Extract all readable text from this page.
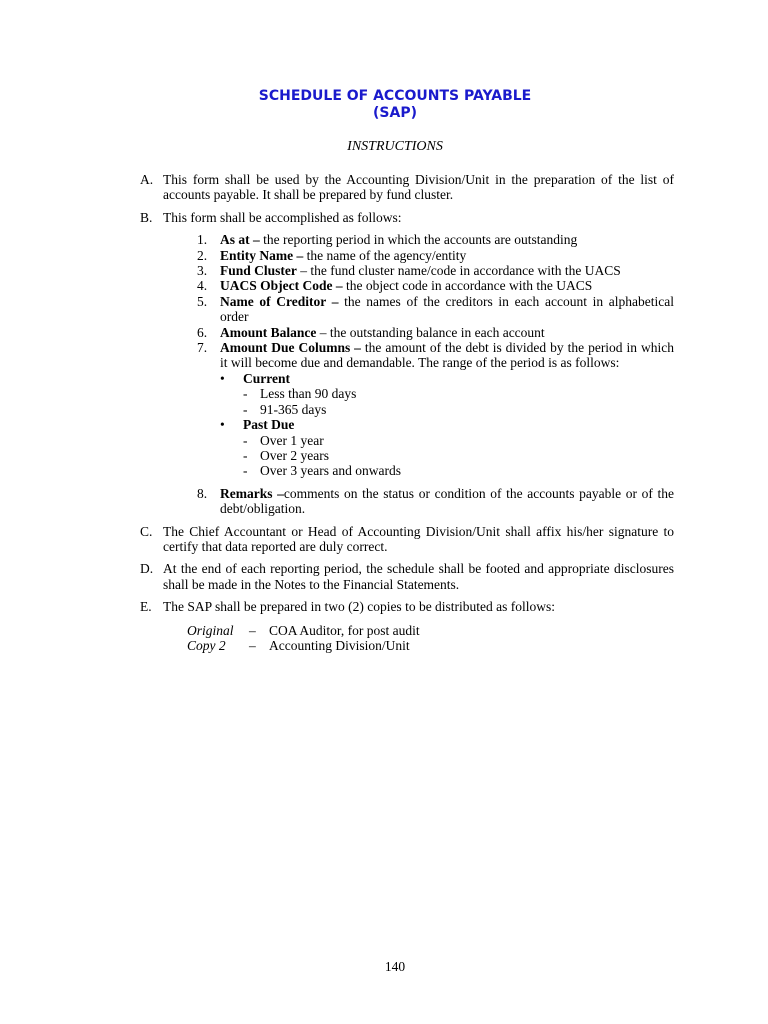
SCHEDULE OF ACCOUNTS PAYABLE
(SAP)
INSTRUCTIONS
A. This form shall be used by the Accounting Division/Unit in the preparation of the list of accounts payable. It shall be prepared by fund cluster.
B. This form shall be accomplished as follows:
1. As at – the reporting period in which the accounts are outstanding
2. Entity Name – the name of the agency/entity
3. Fund Cluster – the fund cluster name/code in accordance with the UACS
4. UACS Object Code – the object code in accordance with the UACS
5. Name of Creditor – the names of the creditors in each account in alphabetical order
6. Amount Balance – the outstanding balance in each account
7. Amount Due Columns – the amount of the debt is divided by the period in which it will become due and demandable. The range of the period is as follows:
• Current
- Less than 90 days
- 91-365 days
• Past Due
- Over 1 year
- Over 2 years
- Over 3 years and onwards
8. Remarks –comments on the status or condition of the accounts payable or of the debt/obligation.
C. The Chief Accountant or Head of Accounting Division/Unit shall affix his/her signature to certify that data reported are duly correct.
D. At the end of each reporting period, the schedule shall be footed and appropriate disclosures shall be made in the Notes to the Financial Statements.
E. The SAP shall be prepared in two (2) copies to be distributed as follows:
Original	– COA Auditor, for post audit
Copy 2	– Accounting Division/Unit
140
